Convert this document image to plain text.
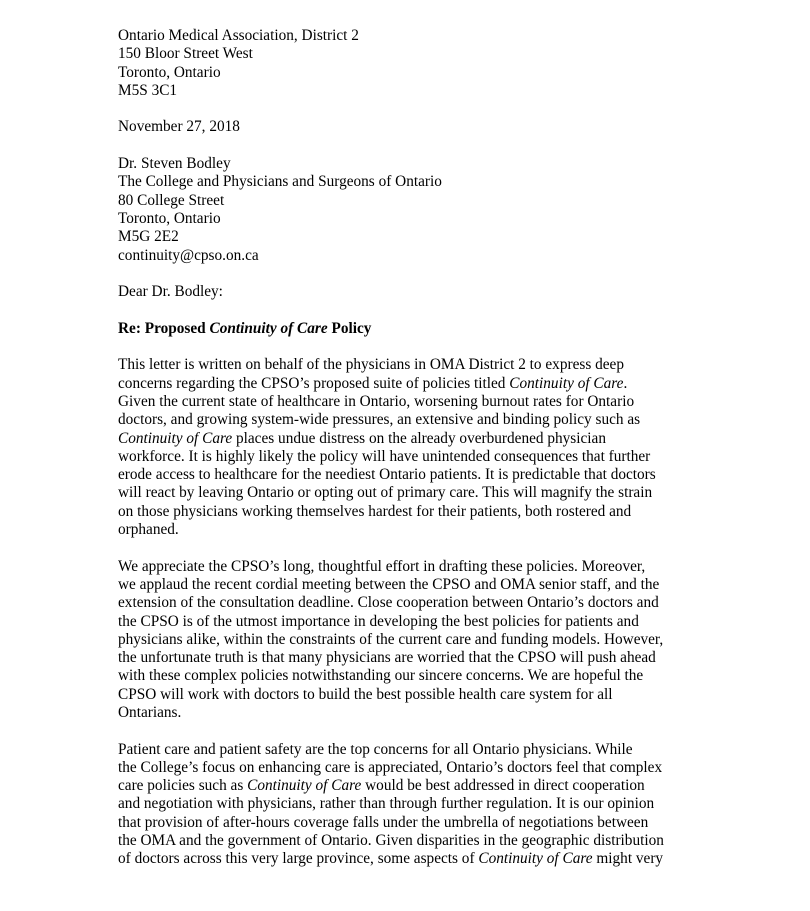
Ontario Medical Association, District 2
150 Bloor Street West
Toronto, Ontario
M5S 3C1
November 27, 2018
Dr. Steven Bodley
The College and Physicians and Surgeons of Ontario
80 College Street
Toronto, Ontario
M5G 2E2
continuity@cpso.on.ca
Dear Dr. Bodley:
Re: Proposed Continuity of Care Policy
This letter is written on behalf of the physicians in OMA District 2 to express deep
concerns regarding the CPSO’s proposed suite of policies titled Continuity of Care.
Given the current state of healthcare in Ontario, worsening burnout rates for Ontario
doctors, and growing system-wide pressures, an extensive and binding policy such as
Continuity of Care places undue distress on the already overburdened physician
workforce. It is highly likely the policy will have unintended consequences that further
erode access to healthcare for the neediest Ontario patients. It is predictable that doctors
will react by leaving Ontario or opting out of primary care. This will magnify the strain
on those physicians working themselves hardest for their patients, both rostered and
orphaned.
We appreciate the CPSO’s long, thoughtful effort in drafting these policies. Moreover,
we applaud the recent cordial meeting between the CPSO and OMA senior staff, and the
extension of the consultation deadline. Close cooperation between Ontario’s doctors and
the CPSO is of the utmost importance in developing the best policies for patients and
physicians alike, within the constraints of the current care and funding models. However,
the unfortunate truth is that many physicians are worried that the CPSO will push ahead
with these complex policies notwithstanding our sincere concerns. We are hopeful the
CPSO will work with doctors to build the best possible health care system for all
Ontarians.
Patient care and patient safety are the top concerns for all Ontario physicians. While
the College’s focus on enhancing care is appreciated, Ontario’s doctors feel that complex
care policies such as Continuity of Care would be best addressed in direct cooperation
and negotiation with physicians, rather than through further regulation. It is our opinion
that provision of after-hours coverage falls under the umbrella of negotiations between
the OMA and the government of Ontario. Given disparities in the geographic distribution
of doctors across this very large province, some aspects of Continuity of Care might very
